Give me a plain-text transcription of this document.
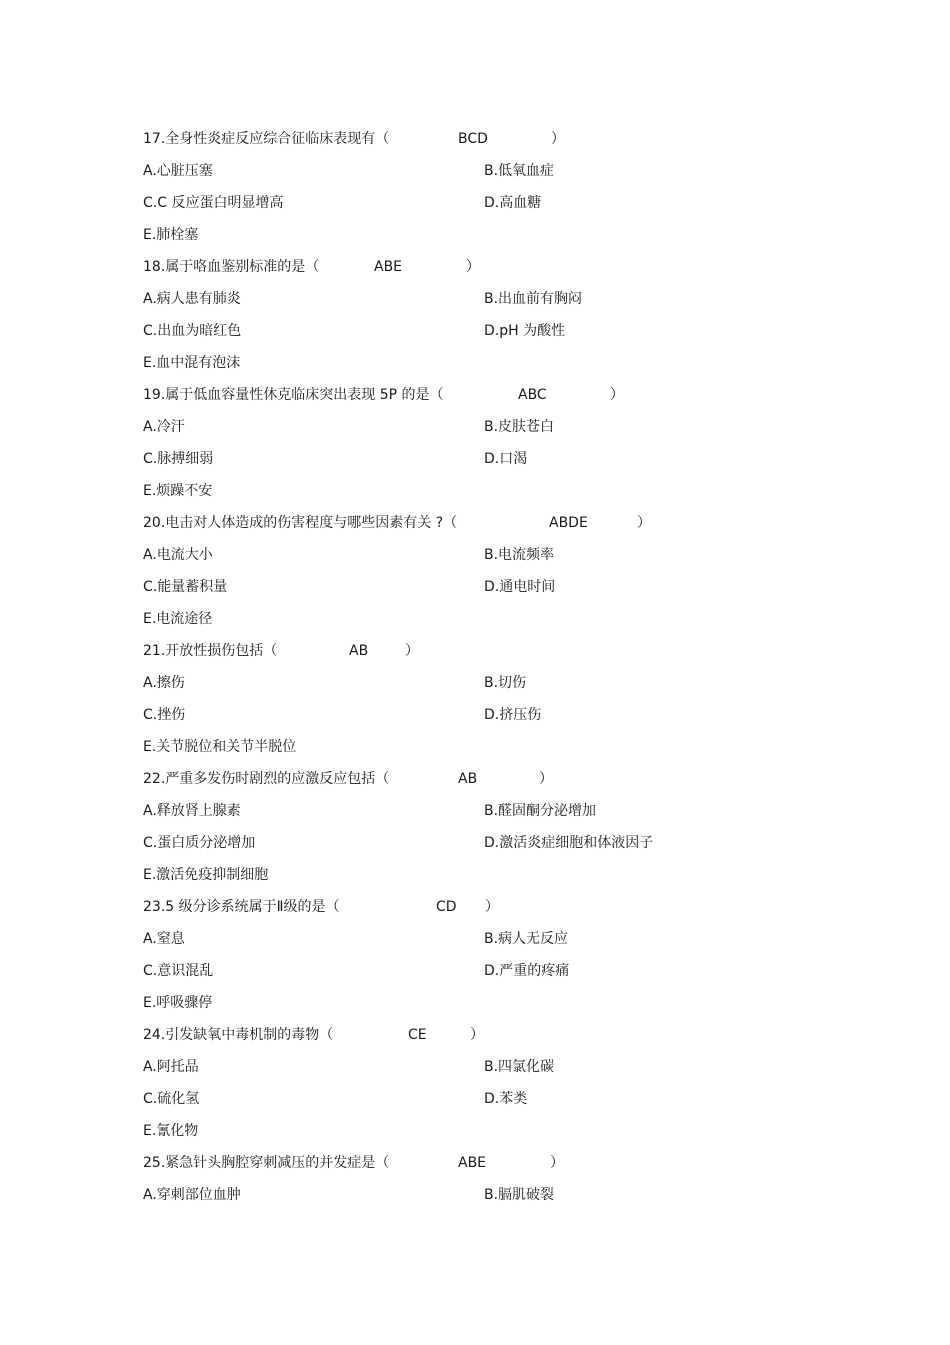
17.全身性炎症反应综合征临床表现有（	BCD	）
A.心脏压塞	B.低氧血症
C.C 反应蛋白明显增高	D.高血糖
E.肺栓塞
18.属于咯血鉴别标准的是（	ABE	）
A.病人患有肺炎	B.出血前有胸闷
C.出血为暗红色	D.pH 为酸性
E.血中混有泡沫
19.属于低血容量性休克临床突出表现 5P 的是（	ABC	）
A.冷汗	B.皮肤苍白
C.脉搏细弱	D.口渴
E.烦躁不安
20.电击对人体造成的伤害程度与哪些因素有关 ?（	ABDE	）
A.电流大小	B.电流频率
C.能量蓄积量	D.通电时间
E.电流途径
21.开放性损伤包括（	AB	）
A.擦伤	B.切伤
C.挫伤	D.挤压伤
E.关节脱位和关节半脱位
22.严重多发伤时剧烈的应激反应包括（	AB	）
A.释放肾上腺素	B.醛固酮分泌增加
C.蛋白质分泌增加	D.激活炎症细胞和体液因子
E.激活免疫抑制细胞
23.5 级分诊系统属于Ⅱ级的是（	CD ）
A.窒息	B.病人无反应
C.意识混乱	D.严重的疼痛
E.呼吸骤停
24.引发缺氧中毒机制的毒物（	CE	）
A.阿托品	B.四氯化碳
C.硫化氢	D.苯类
E.氰化物
25.紧急针头胸腔穿刺减压的并发症是（	ABE	）
A.穿刺部位血肿	B.膈肌破裂
